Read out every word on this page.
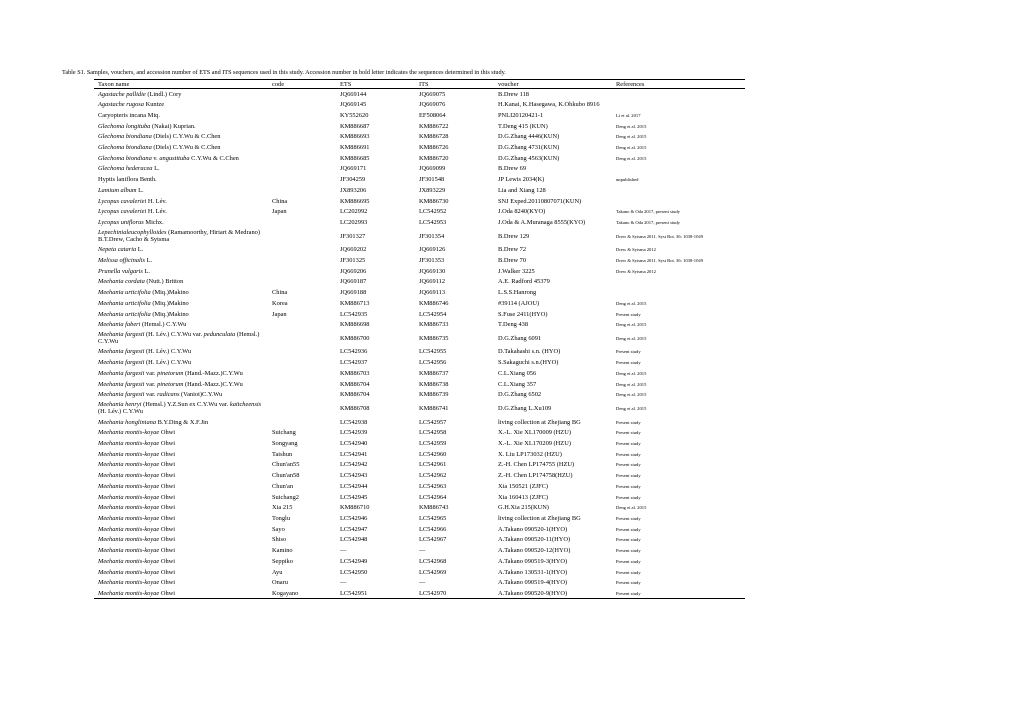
Table S1. Samples, vouchers, and accession number of ETS and ITS sequences used in this study. Accession number in bold letter indicates the sequences determined in this study.
Taxon name	code	ETS	ITS	voucher	References
Agastache pallidie (Lindl.) Cory		JQ669144	JQ669075	B.Drew 118	
Agastache rugosa Kuntze		JQ669145	JQ669076	H.Kanai, K.Hasegawa, K.Ohkubo 8916	
Caryopteris incana Miq.		KY552620	EF508064	PNLI20120421-1	Li et al. 2017
Glechoma longituba (Nakai) Kuprian.		KM886687	KM886722	T.Deng 415 (KUN)	Deng et al. 2015
Glechoma biondiana (Diels) C.Y.Wu & C.Chen		KM886693	KM886728	D.G.Zhang 4446(KUN)	Deng et al. 2015
Glechoma biondiana (Diels) C.Y.Wu & C.Chen		KM886691	KM886726	D.G.Zhang 4731(KUN)	Deng et al. 2015
Glechoma biondiana v. angustituba C.Y.Wu & C.Chen		KM886685	KM886720	D.G.Zhang 4563(KUN)	Deng et al. 2015
Glechoma hederacea L.		JQ669171	JQ669099	B.Drew 69	
Hyptis laniflora Benth.		JF304259	JF301548	JP Lewis 2034(K)	unpublished
Lamium album L.		JX893206	JX893229	Lia and Xiang 128	
Lycopus cavaleriei H. Lév.	China	KM886695	KM886730	SNJ Exped.20110807071(KUN)	
Lycopus cavaleriei H. Lév.	Japan	LC202992	LC542952	J.Oda 8240(KYO)	Takano & Oda 2017, present study
Lycopus uniflorus Michx.		LC202993	LC542953	J.Oda & A.Muranaga 8555(KYO)	Takano & Oda 2017, present study
Lepechinialeucophylloides (Ramamoorthy, Hiriart & Medrano) B.T.Drew, Cacho & Sytsma		JF301327	JF301354	B.Drew 129	Drew & Sytsma 2011. Syst Bot. 36: 1038-1049
Nepeta cataria L.		JQ669202	JQ669126	B.Drew 72	Drew & Sytsma 2012
Melissa officinalis L.		JF301325	JF301353	B.Drew 70	Drew & Sytsma 2011. Syst Bot. 36: 1038-1049
Prunella vulgaris L.		JQ669206	JQ669130	J.Walker 3225	Drew & Sytsma 2012
Meehania cordata (Nutt.) Britton		JQ669187	JQ669112	A.E. Radford 45379	
Meehania urticifolia (Miq.)Makino	China	JQ669188	JQ669113	L.S.S.Hanrong	
Meehania urticifolia (Miq.)Makino	Korea	KM886713	KM886746	#39114 (AJOU)	Deng et al. 2015
Meehania urticifolia (Miq.)Makino	Japan	LC542935	LC542954	S.Fuse 2411(HYO)	Present study
Meehania faberi (Hemsl.) C.Y.Wu		KM886698	KM886733	T.Deng 438	Deng et al. 2015
Meehania fargesii (H. Lév.) C.Y.Wu var. pedunculata (Hemsl.) C.Y.Wu		KM886700	KM886735	D.G.Zhang 6091	Deng et al. 2015
Meehania fargesii (H. Lév.) C.Y.Wu		LC542936	LC542955	D.Takahashi s.n. (HYO)	Present study
Meehania fargesii (H. Lév.) C.Y.Wu		LC542937	LC542956	S.Sakaguchi s.n.(HYO)	Present study
Meehania fargesii var. pinetorum (Hand.-Mazz.)C.Y.Wu		KM886703	KM886737	C.L.Xiang 056	Deng et al. 2015
Meehania fargesii var. pinetorum (Hand.-Mazz.)C.Y.Wu		KM886704	KM886738	C.L.Xiang 357	Deng et al. 2015
Meehania fargesii var. radicans (Vaniot)C.Y.Wu		KM886704	KM886739	D.G.Zhang 6502	Deng et al. 2015
Meehania henryi (Hemsl.) Y.Z.Sun ex C.Y.Wu var. kaitcheensis (H. Lév.) C.Y.Wu		KM886708	KM886741	D.G.Zhang L.Xu109	Deng et al. 2015
Meehania hongliniana B.Y.Ding & X.F.Jin		LC542938	LC542957	living collection at Zhejiang BG	Present study
Meehania montis-koyae Ohwi	Suichang	LC542939	LC542958	X.-L. Xie XL170009 (HZU)	Present study
Meehania montis-koyae Ohwi	Songyang	LC542940	LC542959	X.-L. Xie XL170209 (HZU)	Present study
Meehania montis-koyae Ohwi	Taishun	LC542941	LC542960	X. Liu LP173032 (HZU)	Present study
Meehania montis-koyae Ohwi	Chun'an55	LC542942	LC542961	Z.-H. Chen LP174755 (HZU)	Present study
Meehania montis-koyae Ohwi	Chun'an58	LC542943	LC542962	Z.-H. Chen LP174758(HZU)	Present study
Meehania montis-koyae Ohwi	Chun'an	LC542944	LC542963	Xia 150521 (ZJFC)	Present study
Meehania montis-koyae Ohwi	Suichang2	LC542945	LC542964	Xia 160413 (ZJFC)	Present study
Meehania montis-koyae Ohwi	Xia 215	KM886710	KM886743	G.H.Xia 215(KUN)	Deng et al. 2015
Meehania montis-koyae Ohwi	Tonglu	LC542946	LC542965	living collection at Zhejiang BG	Present study
Meehania montis-koyae Ohwi	Sayo	LC542947	LC542966	A.Takano 090520-1(HYO)	Present study
Meehania montis-koyae Ohwi	Shiso	LC542948	LC542967	A.Takano 090520-11(HYO)	Present study
Meehania montis-koyae Ohwi	Kamino	—	—	A.Takano 090520-12(HYO)	Present study
Meehania montis-koyae Ohwi	Seppiko	LC542949	LC542968	A.Takano 090519-3(HYO)	Present study
Meehania montis-koyae Ohwi	Ayu	LC542950	LC542969	A.Takano 130531-1(HYO)	Present study
Meehania montis-koyae Ohwi	Onaru	—	—	A.Takano 090519-4(HYO)	Present study
Meehania montis-koyae Ohwi	Kogayano	LC542951	LC542970	A.Takano 090520-9(HYO)	Present study
